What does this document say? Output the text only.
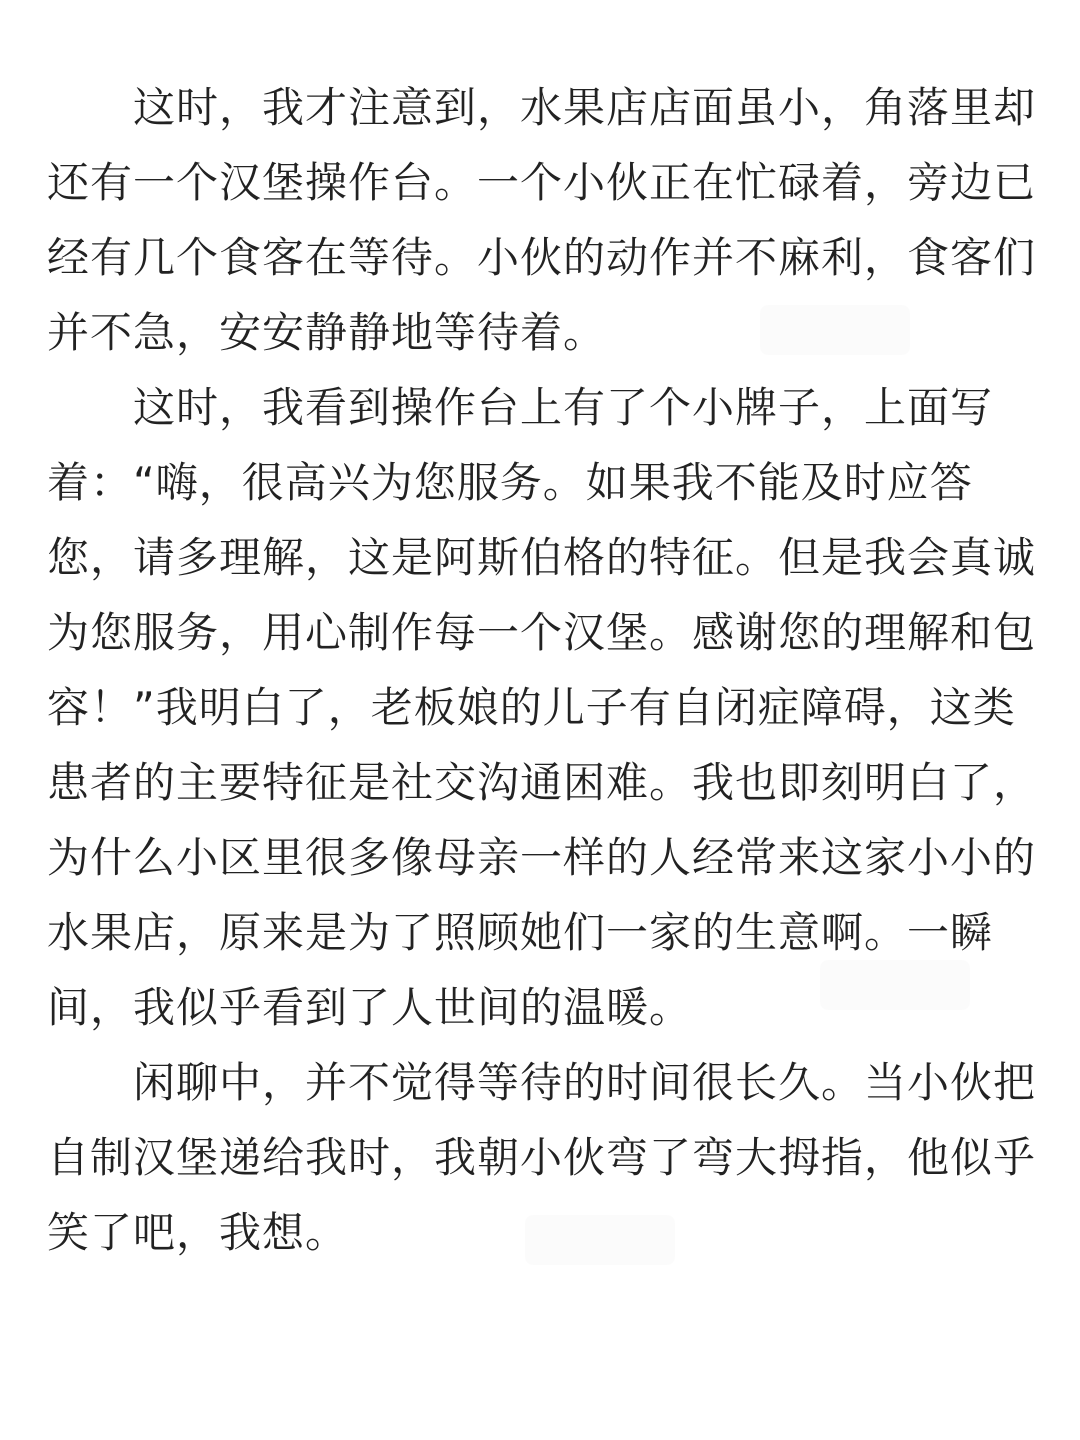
这时，我才注意到，水果店店面虽小，角落里却
还有一个汉堡操作台。一个小伙正在忙碌着，旁边已
经有几个食客在等待。小伙的动作并不麻利，食客们
并不急，安安静静地等待着。
这时，我看到操作台上有了个小牌子，上面写
着：“嗨，很高兴为您服务。如果我不能及时应答
您，请多理解，这是阿斯伯格的特征。但是我会真诚
为您服务，用心制作每一个汉堡。感谢您的理解和包
容！”我明白了，老板娘的儿子有自闭症障碍，这类
患者的主要特征是社交沟通困难。我也即刻明白了，
为什么小区里很多像母亲一样的人经常来这家小小的
水果店，原来是为了照顾她们一家的生意啊。一瞬
间，我似乎看到了人世间的温暖。
闲聊中，并不觉得等待的时间很长久。当小伙把
自制汉堡递给我时，我朝小伙弯了弯大拇指，他似乎
笑了吧，我想。
